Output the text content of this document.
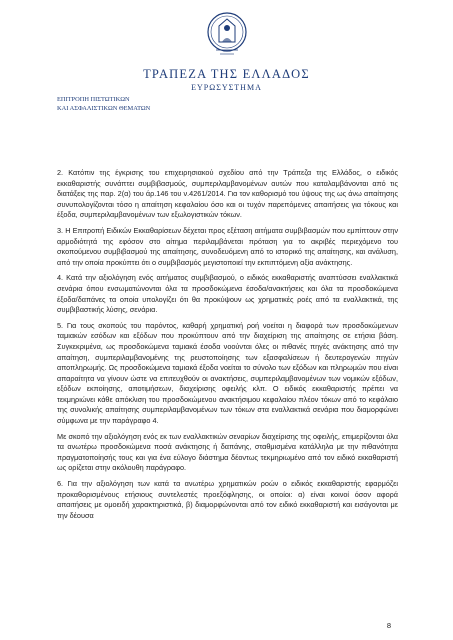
ΤΡΑΠΕΖΑ ΤΗΣ ΕΛΛΑΔΟΣ
ΕΥΡΩΣΥΣΤΗΜΑ
ΕΠΙΤΡΟΠΗ ΠΙΣΤΩΤΙΚΩΝ
ΚΑΙ ΑΣΦΑΛΙΣΤΙΚΩΝ ΘΕΜΑΤΩΝ

2. Κατόπιν της έγκρισης του επιχειρησιακού σχεδίου από την Τράπεζα της Ελλάδος, ο ειδικός εκκαθαριστής συνάπτει συμβιβασμούς, συμπεριλαμβανομένων αυτών που καταλαμβάνονται από τις διατάξεις της παρ. 2(α) του άρ.146 του ν.4261/2014. Για τον καθορισμό του ύψους της ως άνω απαίτησης συνυπολογίζονται τόσο η απαίτηση κεφαλαίου όσο και οι τυχόν παρεπόμενες απαιτήσεις για τόκους και έξοδα, συμπεριλαμβανομένων των εξωλογιστικών τόκων.

3. Η Επιτροπή Ειδικών Εκκαθαρίσεων δέχεται προς εξέταση αιτήματα συμβιβασμών που εμπίπτουν στην αρμοδιότητά της εφόσον στο αίτημα περιλαμβάνεται πρόταση για το ακριβές περιεχόμενο του σκοπούμενου συμβιβασμού της απαίτησης, συνοδευόμενη από το ιστορικό της απαίτησης, και ανάλυση, από την οποία προκύπτει ότι ο συμβιβασμός μεγιστοποιεί την εκπιπτόμενη αξία ανάκτησης.

4. Κατά την αξιολόγηση ενός αιτήματος συμβιβασμού, ο ειδικός εκκαθαριστής αναπτύσσει εναλλακτικά σενάρια όπου ενσωματώνονται όλα τα προσδοκώμενα έσοδα/ανακτήσεις και όλα τα προσδοκώμενα έξοδα/δαπάνες τα οποία υπολογίζει ότι θα προκύψουν ως χρηματικές ροές από τα εναλλακτικά, της συμβιβαστικής λύσης, σενάρια.

5. Για τους σκοπούς του παρόντος, καθαρή χρηματική ροή νοείται η διαφορά των προσδοκώμενων ταμιακών εσόδων και εξόδων που προκύπτουν από την διαχείριση της απαίτησης σε ετήσια βάση. Συγκεκριμένα, ως προσδοκώμενα ταμιακά έσοδα νοούνται όλες οι πιθανές πηγές ανάκτησης από την απαίτηση, συμπεριλαμβανομένης της ρευστοποίησης των εξασφαλίσεων ή δευτερογενών πηγών αποπληρωμής. Ως προσδοκώμενα ταμιακά έξοδα νοείται το σύνολο των εξόδων και πληρωμών που είναι απαραίτητα να γίνουν ώστε να επιτευχθούν οι ανακτήσεις, συμπεριλαμβανομένων των νομικών εξόδων, εξόδων εκποίησης, αποτιμήσεων, διαχείρισης οφειλής κλπ. Ο ειδικός εκκαθαριστής πρέπει να τεκμηριώνει κάθε απόκλιση του προσδοκώμενου ανακτήσιμου κεφαλαίου πλέον τόκων από το κεφάλαιο της συνολικής απαίτησης συμπεριλαμβανομένων των τόκων στα εναλλακτικά σενάρια που διαμορφώνει σύμφωνα με την παράγραφο 4.

Με σκοπό την αξιολόγηση ενός εκ των εναλλακτικών σεναρίων διαχείρισης της οφειλής, επιμερίζονται όλα τα ανωτέρω προσδοκώμενα ποσά ανάκτησης ή δαπάνης, σταθμισμένα κατάλληλα με την πιθανότητα πραγματοποίησής τους και για ένα εύλογο διάστημα δέοντως τεκμηριωμένο από τον ειδικό εκκαθαριστή ως ορίζεται στην ακόλουθη παράγραφο.

6. Για την αξιολόγηση των κατά τα ανωτέρω χρηματικών ροών ο ειδικός εκκαθαριστής εφαρμόζει προκαθορισμένους ετήσιους συντελεστές προεξόφλησης, οι οποίοι: α) είναι κοινοί όσον αφορά απαιτήσεις με ομοειδή χαρακτηριστικά, β) διαμορφώνονται από τον ειδικό εκκαθαριστή και εισάγονται με την δέουσα

8
